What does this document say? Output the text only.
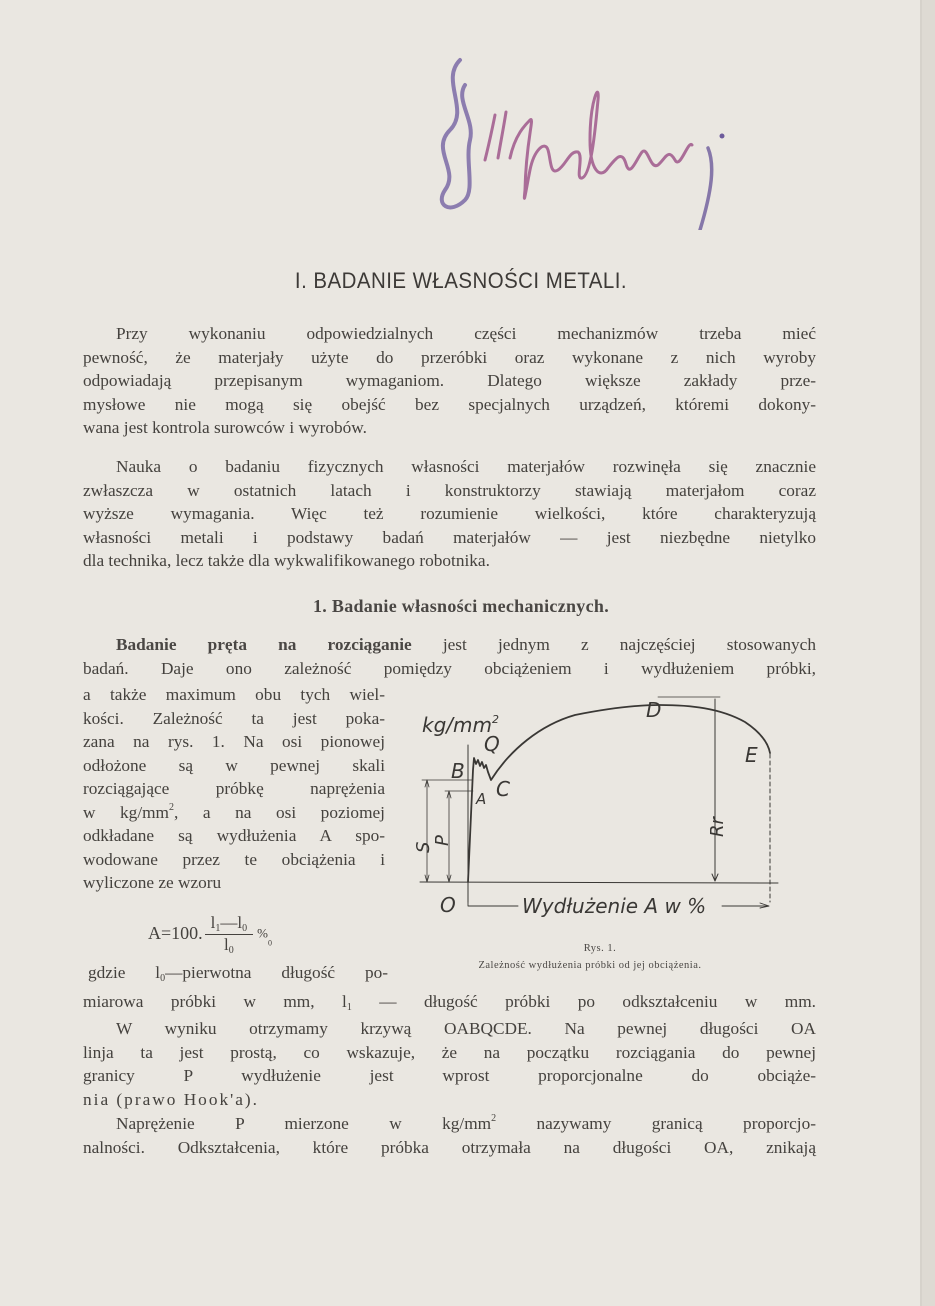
I. BADANIE WŁASNOŚCI METALI.
Przy wykonaniu odpowiedzialnych części mechanizmów trzeba mieć
pewność, że materjały użyte do przeróbki oraz wykonane z nich wyroby
odpowiadają przepisanym wymaganiom. Dlatego większe zakłady prze-
mysłowe nie mogą się obejść bez specjalnych urządzeń, któremi dokony-
wana jest kontrola surowców i wyrobów.
Nauka o badaniu fizycznych własności materjałów rozwinęła się znacznie
zwłaszcza w ostatnich latach i konstruktorzy stawiają materjałom coraz
wyższe wymagania. Więc też rozumienie wielkości, które charakteryzują
własności metali i podstawy badań materjałów — jest niezbędne nietylko
dla technika, lecz także dla wykwalifikowanego robotnika.
1. Badanie własności mechanicznych.
Badanie pręta na rozciąganie jest jednym z najczęściej stosowanych
badań. Daje ono zależność pomiędzy obciążeniem i wydłużeniem próbki,
a także maximum obu tych wiel-
kości. Zależność ta jest poka-
zana na rys. 1. Na osi pionowej
odłożone są w pewnej skali
rozciągające próbkę naprężenia
w $kg/mm^2$, a na osi poziomej
odkładane są wydłużenia A spo-
wodowane przez te obciążenia i
wyliczone ze wzoru
A=100. $\frac{l_1—l_0}{l_0} \%_0$
gdzie $l_0—pierwotna$ długość po-
miarowa próbki w mm, $l_1$ — długość próbki po odkształceniu w mm.
W wyniku otrzymamy krzywą OABQCDE. Na pewnej długości OA
linja ta jest prostą, co wskazuje, że na początku rozciągania do pewnej
granicy P wydłużenie jest wprost proporcjonalne do obciąże-
nia (prawo Hook'a).
Naprężenie P mierzone w $kg/mm^2$ nazywamy granicą proporcjo-
nalności. Odkształcenia, które próbka otrzymała na długości OA, znikają
$kg/mm^2$
Q
B
A C
D
E
S
P
Rr
O	Wydłużenie A w %
Rys. 1.
Zależność wydłużenia próbki od jej obciążenia.
